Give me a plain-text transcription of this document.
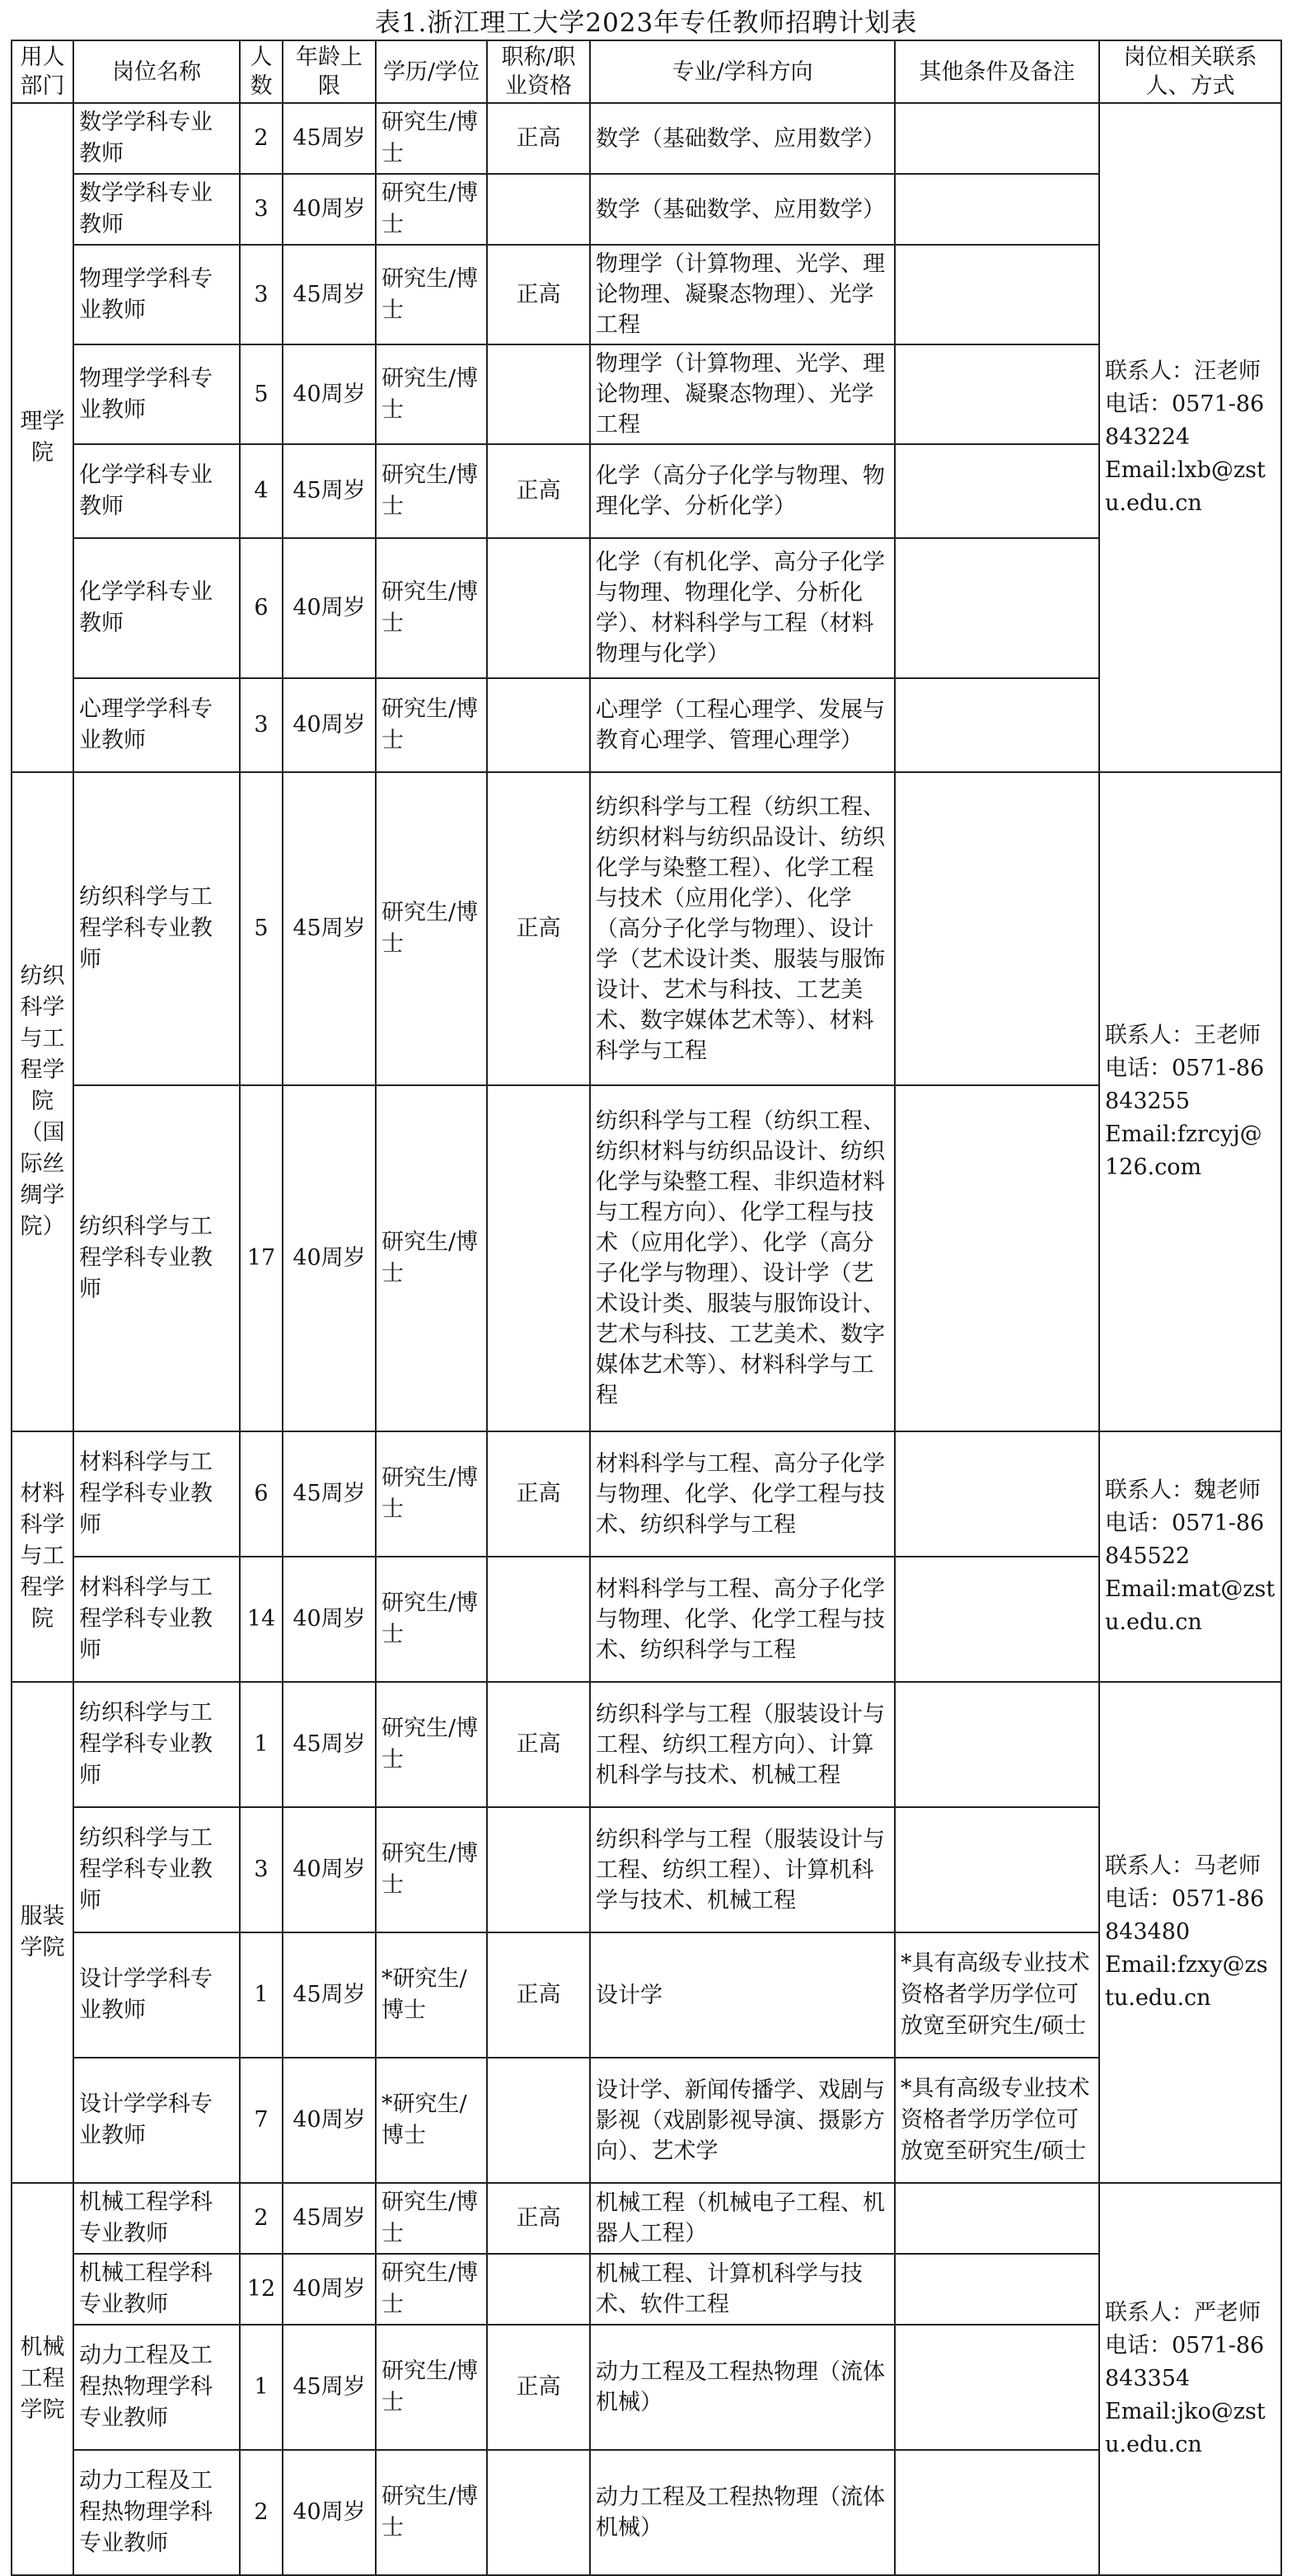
表1.浙江理工大学2023年专任教师招聘计划表
用人部门	岗位名称	人数	年龄上限	学历/学位	职称/职业资格	专业/学科方向	其他条件及备注	岗位相关联系人、方式
理学院	数学学科专业教师	2	45周岁	研究生/博士	正高	数学（基础数学、应用数学）		联系人：汪老师
电话：0571-86843224
Email:lxb@zstu.edu.cn
	数学学科专业教师	3	40周岁	研究生/博士		数学（基础数学、应用数学）		
	物理学学科专业教师	3	45周岁	研究生/博士	正高	物理学（计算物理、光学、理论物理、凝聚态物理）、光学工程		
	物理学学科专业教师	5	40周岁	研究生/博士		物理学（计算物理、光学、理论物理、凝聚态物理）、光学工程		
	化学学科专业教师	4	45周岁	研究生/博士	正高	化学（高分子化学与物理、物理化学、分析化学）		
	化学学科专业教师	6	40周岁	研究生/博士		化学（有机化学、高分子化学与物理、物理化学、分析化学）、材料科学与工程（材料物理与化学）		
	心理学学科专业教师	3	40周岁	研究生/博士		心理学（工程心理学、发展与教育心理学、管理心理学）		
纺织科学与工程学院（国际丝绸学院）	纺织科学与工程学科专业教师	5	45周岁	研究生/博士	正高	纺织科学与工程（纺织工程、纺织材料与纺织品设计、纺织化学与染整工程）、化学工程与技术（应用化学）、化学（高分子化学与物理）、设计学（艺术设计类、服装与服饰设计、艺术与科技、工艺美术、数字媒体艺术等）、材料科学与工程		联系人：王老师
电话：0571-86843255
Email:fzrcyj@126.com
	纺织科学与工程学科专业教师	17	40周岁	研究生/博士		纺织科学与工程（纺织工程、纺织材料与纺织品设计、纺织化学与染整工程、非织造材料与工程方向）、化学工程与技术（应用化学）、化学（高分子化学与物理）、设计学（艺术设计类、服装与服饰设计、艺术与科技、工艺美术、数字媒体艺术等）、材料科学与工程		
材料科学与工程学院	材料科学与工程学科专业教师	6	45周岁	研究生/博士	正高	材料科学与工程、高分子化学与物理、化学、化学工程与技术、纺织科学与工程		联系人：魏老师
电话：0571-86845522
Email:mat@zstu.edu.cn
	材料科学与工程学科专业教师	14	40周岁	研究生/博士		材料科学与工程、高分子化学与物理、化学、化学工程与技术、纺织科学与工程		
服装学院	纺织科学与工程学科专业教师	1	45周岁	研究生/博士	正高	纺织科学与工程（服装设计与工程、纺织工程方向）、计算机科学与技术、机械工程		联系人：马老师
电话：0571-86843480
Email:fzxy@zstu.edu.cn
	纺织科学与工程学科专业教师	3	40周岁	研究生/博士		纺织科学与工程（服装设计与工程、纺织工程）、计算机科学与技术、机械工程		
	设计学学科专业教师	1	45周岁	*研究生/博士	正高	设计学	*具有高级专业技术资格者学历学位可放宽至研究生/硕士	
	设计学学科专业教师	7	40周岁	*研究生/博士		设计学、新闻传播学、戏剧与影视（戏剧影视导演、摄影方向）、艺术学	*具有高级专业技术资格者学历学位可放宽至研究生/硕士	
机械工程学院	机械工程学科专业教师	2	45周岁	研究生/博士	正高	机械工程（机械电子工程、机器人工程）		联系人：严老师
电话：0571-86843354
Email:jko@zstu.edu.cn
	机械工程学科专业教师	12	40周岁	研究生/博士		机械工程、计算机科学与技术、软件工程		
	动力工程及工程热物理学科专业教师	1	45周岁	研究生/博士	正高	动力工程及工程热物理（流体机械）		
	动力工程及工程热物理学科专业教师	2	40周岁	研究生/博士		动力工程及工程热物理（流体机械）		
